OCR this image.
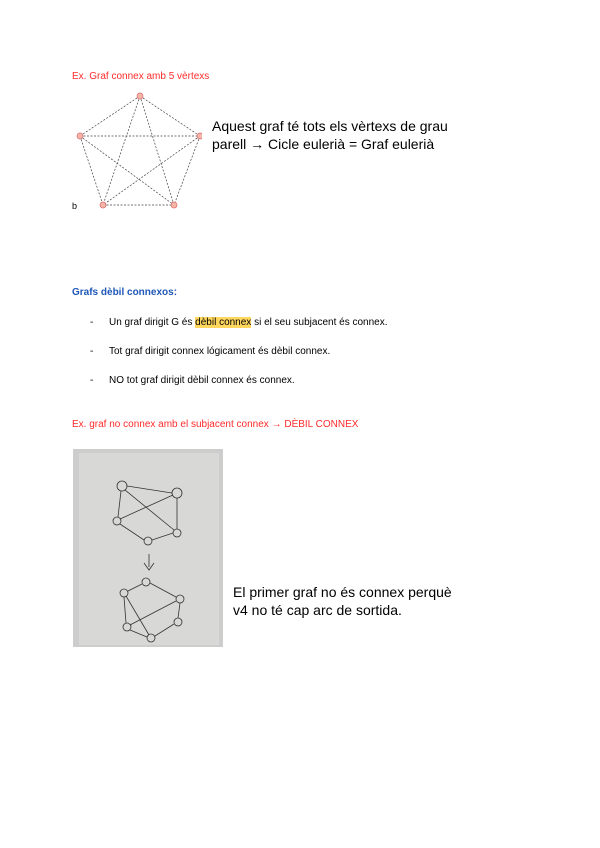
Ex. Graf connex amb 5 vèrtexs
b
Aquest graf té tots els vèrtexs de grau
parell → Cicle eulerià = Graf eulerià
Grafs dèbil connexos:
- Un graf dirigit G és dèbil connex si el seu subjacent és connex.
- Tot graf dirigit connex lógicament és dèbil connex.
- NO tot graf dirigit dèbil connex és connex.
Ex. graf no connex amb el subjacent connex → DÈBIL CONNEX
El primer graf no és connex perquè
v4 no té cap arc de sortida.
